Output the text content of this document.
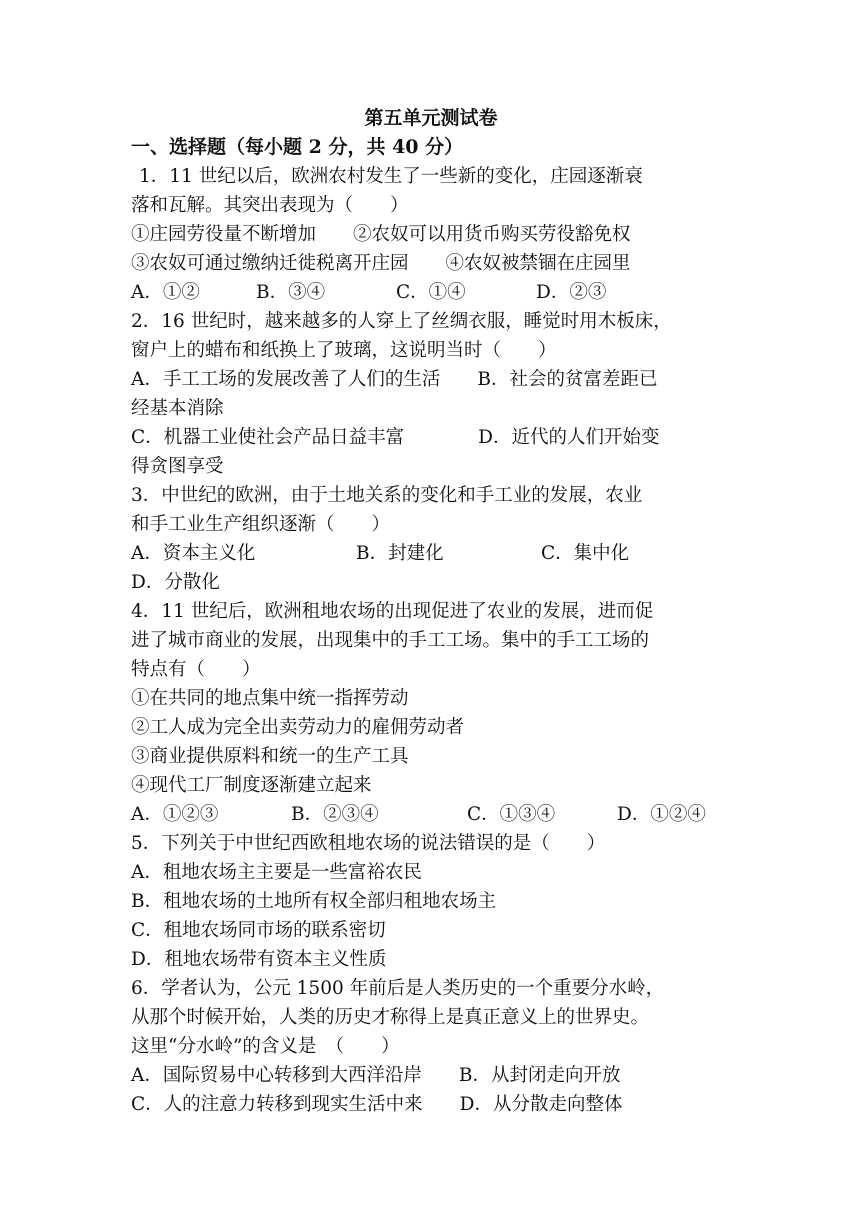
第五单元测试卷
一、选择题（每小题 2 分，共 40 分）
1．11 世纪以后，欧洲农村发生了一些新的变化，庄园逐渐衰
落和瓦解。其突出表现为（　　）
①庄园劳役量不断增加　　②农奴可以用货币购买劳役豁免权
③农奴可通过缴纳迁徙税离开庄园　　④农奴被禁锢在庄园里
A．①②	B．③④	C．①④	D．②③
2．16 世纪时，越来越多的人穿上了丝绸衣服，睡觉时用木板床，
窗户上的蜡布和纸换上了玻璃，这说明当时（　　）
A．手工工场的发展改善了人们的生活　　B．社会的贫富差距已
经基本消除
C．机器工业使社会产品日益丰富　　　　D．近代的人们开始变
得贪图享受
3．中世纪的欧洲，由于土地关系的变化和手工业的发展，农业
和手工业生产组织逐渐（　　）
A．资本主义化	B．封建化	C．集中化
D．分散化
4．11 世纪后，欧洲租地农场的出现促进了农业的发展，进而促
进了城市商业的发展，出现集中的手工工场。集中的手工工场的
特点有（　　）
①在共同的地点集中统一指挥劳动
②工人成为完全出卖劳动力的雇佣劳动者
③商业提供原料和统一的生产工具
④现代工厂制度逐渐建立起来
A．①②③	B．②③④	C．①③④	D．①②④
5．下列关于中世纪西欧租地农场的说法错误的是（　　）
A．租地农场主主要是一些富裕农民
B．租地农场的土地所有权全部归租地农场主
C．租地农场同市场的联系密切
D．租地农场带有资本主义性质
6．学者认为，公元 1500 年前后是人类历史的一个重要分水岭，
从那个时候开始，人类的历史才称得上是真正意义上的世界史。
这里“分水岭”的含义是　（　　）
A．国际贸易中心转移到大西洋沿岸　　B．从封闭走向开放
C．人的注意力转移到现实生活中来　　D．从分散走向整体
